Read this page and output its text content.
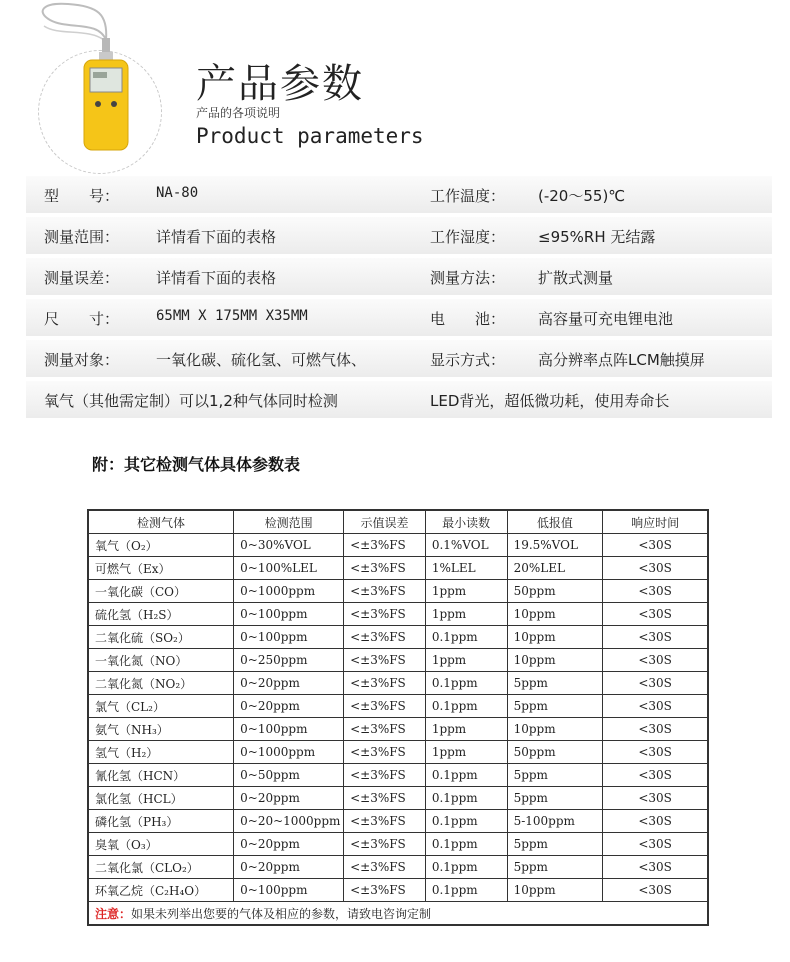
产品参数
产品的各项说明
Product parameters
型　　号：	NA-80	工作温度： (-20～55)℃
测量范围： 详情看下面的表格	工作湿度： ≤95%RH 无结露
测量误差： 详情看下面的表格	测量方法： 扩散式测量
尺　　寸：	65MM X 175MM X35MM	电　　池： 高容量可充电锂电池
测量对象： 一氧化碳、硫化氢、可燃气体、	显示方式： 高分辨率点阵LCM触摸屏
氧气（其他需定制）可以1,2种气体同时检测	LED背光，超低微功耗，使用寿命长
附：其它检测气体具体参数表
检测气体	检测范围	示值误差	最小读数	低报值	响应时间
氧气（O₂）	0~30%VOL	<±3%FS	0.1%VOL	19.5%VOL	<30S
可燃气（Ex）	0~100%LEL	<±3%FS	1%LEL	20%LEL	<30S
一氧化碳（CO）	0~1000ppm	<±3%FS	1ppm	50ppm	<30S
硫化氢（H₂S）	0~100ppm	<±3%FS	1ppm	10ppm	<30S
二氧化硫（SO₂）	0~100ppm	<±3%FS	0.1ppm	10ppm	<30S
一氧化氮（NO）	0~250ppm	<±3%FS	1ppm	10ppm	<30S
二氧化氮（NO₂）	0~20ppm	<±3%FS	0.1ppm	5ppm	<30S
氯气（CL₂）	0~20ppm	<±3%FS	0.1ppm	5ppm	<30S
氨气（NH₃）	0~100ppm	<±3%FS	1ppm	10ppm	<30S
氢气（H₂）	0~1000ppm	<±3%FS	1ppm	50ppm	<30S
氰化氢（HCN）	0~50ppm	<±3%FS	0.1ppm	5ppm	<30S
氯化氢（HCL）	0~20ppm	<±3%FS	0.1ppm	5ppm	<30S
磷化氢（PH₃）	0~20~1000ppm	<±3%FS	0.1ppm	5-100ppm	<30S
臭氧（O₃）	0~20ppm	<±3%FS	0.1ppm	5ppm	<30S
二氧化氯（CLO₂）	0~20ppm	<±3%FS	0.1ppm	5ppm	<30S
环氧乙烷（C₂H₄O）	0~100ppm	<±3%FS	0.1ppm	10ppm	<30S
注意：如果未列举出您要的气体及相应的参数，请致电咨询定制					
